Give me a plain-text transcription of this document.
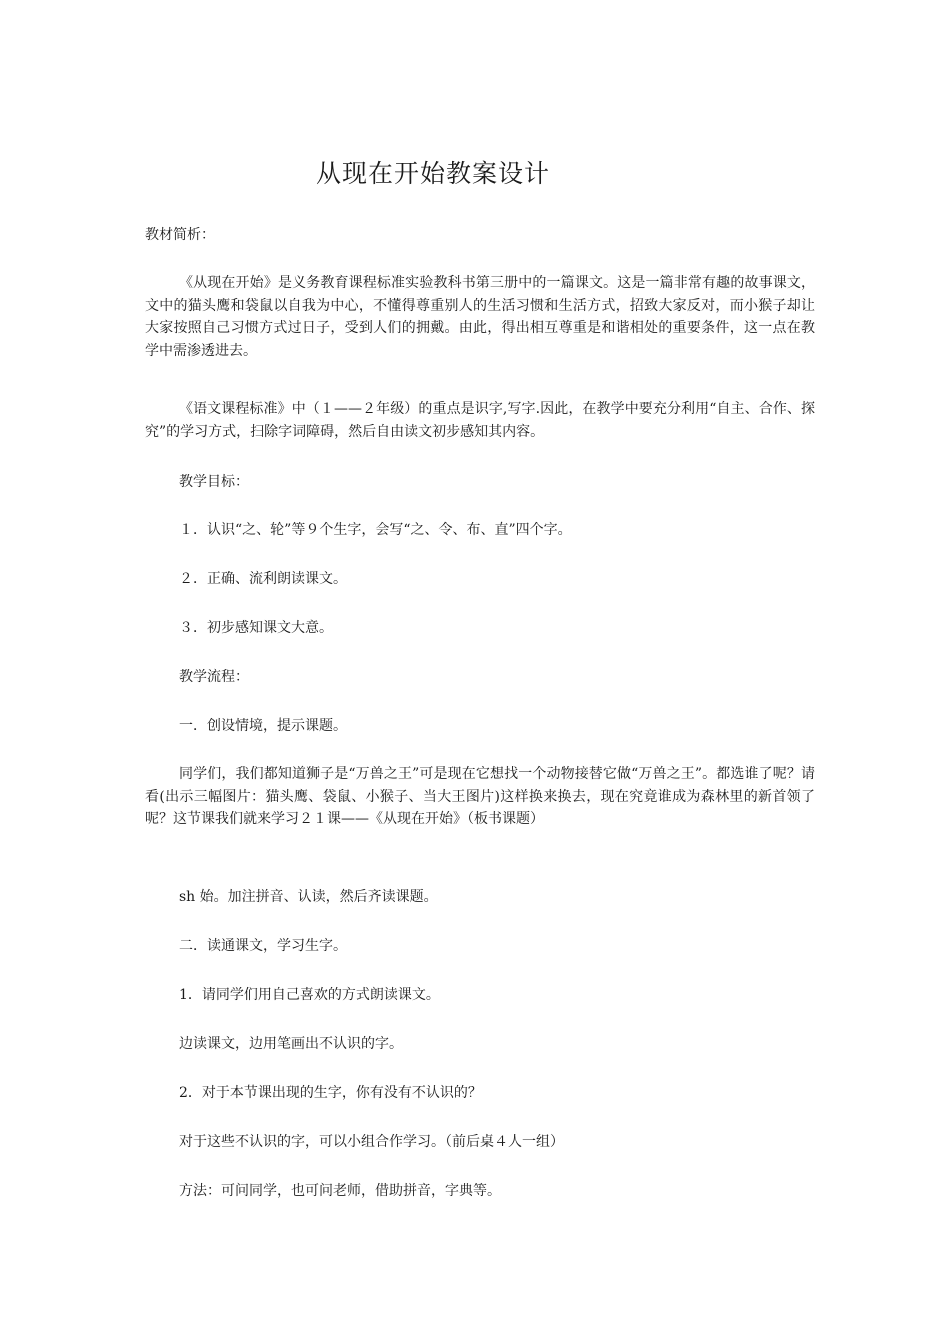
从现在开始教案设计
教材简析：
《从现在开始》是义务教育课程标准实验教科书第三册中的一篇课文。这是一篇非常有趣的故事课文，文中的猫头鹰和袋鼠以自我为中心，不懂得尊重别人的生活习惯和生活方式，招致大家反对，而小猴子却让大家按照自己习惯方式过日子，受到人们的拥戴。由此，得出相互尊重是和谐相处的重要条件，这一点在教学中需渗透进去。
《语文课程标准》中（１——２年级）的重点是识字,写字.因此，在教学中要充分利用“自主、合作、探究”的学习方式，扫除字词障碍，然后自由读文初步感知其内容。
教学目标：
１．认识“之、轮”等９个生字，会写“之、令、布、直”四个字。
２．正确、流利朗读课文。
３．初步感知课文大意。
教学流程：
一．创设情境，提示课题。
同学们，我们都知道狮子是“万兽之王”可是现在它想找一个动物接替它做“万兽之王”。都选谁了呢？请看(出示三幅图片：猫头鹰、袋鼠、小猴子、当大王图片)这样换来换去，现在究竟谁成为森林里的新首领了呢？这节课我们就来学习２１课——《从现在开始》（板书课题）
sh 始。加注拼音、认读，然后齐读课题。
二．读通课文，学习生字。
1．请同学们用自己喜欢的方式朗读课文。
边读课文，边用笔画出不认识的字。
2．对于本节课出现的生字，你有没有不认识的？
对于这些不认识的字，可以小组合作学习。（前后桌４人一组）
方法：可问同学，也可问老师，借助拼音，字典等。
